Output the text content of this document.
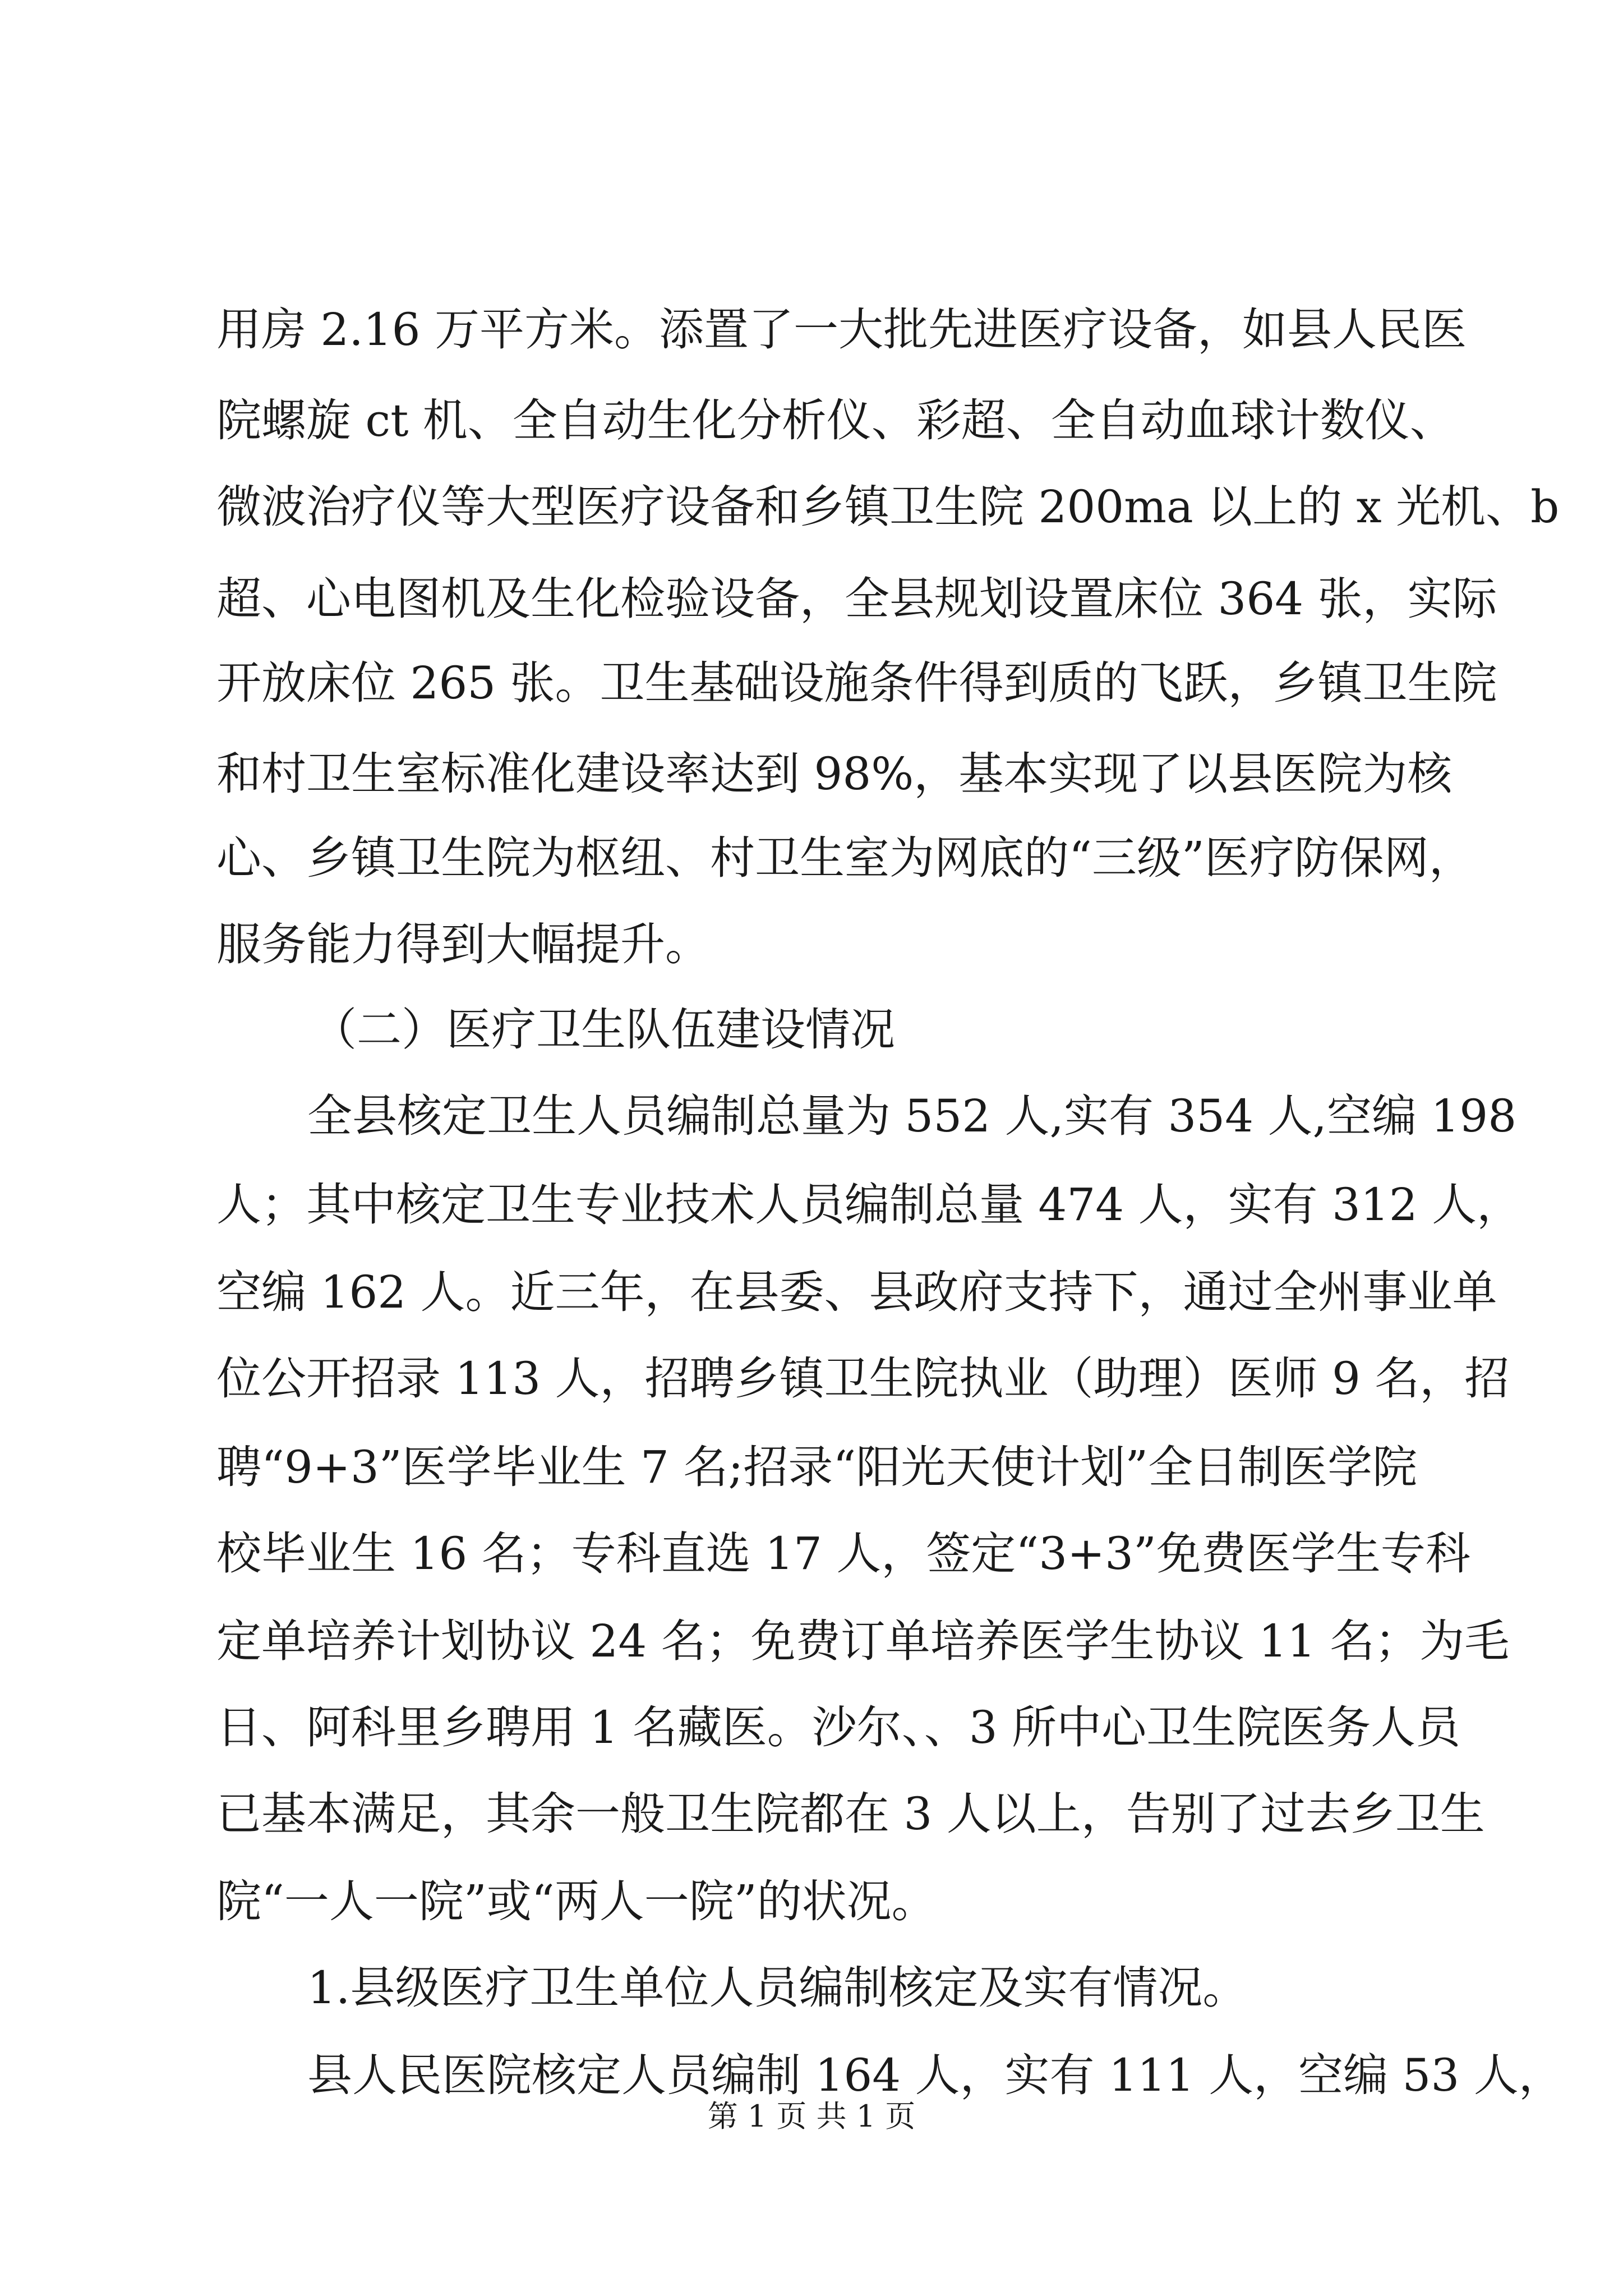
用房 2.16 万平方米。添置了一大批先进医疗设备，如县人民医
院螺旋 ct 机、全自动生化分析仪、彩超、全自动血球计数仪、
微波治疗仪等大型医疗设备和乡镇卫生院 200ma 以上的 x 光机、b
超、心电图机及生化检验设备，全县规划设置床位 364 张，实际
开放床位 265 张。卫生基础设施条件得到质的飞跃，乡镇卫生院
和村卫生室标准化建设率达到 98%，基本实现了以县医院为核
心、乡镇卫生院为枢纽、村卫生室为网底的“三级”医疗防保网，
服务能力得到大幅提升。
（二）医疗卫生队伍建设情况
全县核定卫生人员编制总量为 552 人,实有 354 人,空编 198
人；其中核定卫生专业技术人员编制总量 474 人，实有 312 人，
空编 162 人。近三年，在县委、县政府支持下，通过全州事业单
位公开招录 113 人，招聘乡镇卫生院执业（助理）医师 9 名，招
聘“9+3”医学毕业生 7 名;招录“阳光天使计划”全日制医学院
校毕业生 16 名；专科直选 17 人，签定“3+3”免费医学生专科
定单培养计划协议 24 名；免费订单培养医学生协议 11 名；为毛
日、阿科里乡聘用 1 名藏医。沙尔、、3 所中心卫生院医务人员
已基本满足，其余一般卫生院都在 3 人以上，告别了过去乡卫生
院“一人一院”或“两人一院”的状况。
1.县级医疗卫生单位人员编制核定及实有情况。
县人民医院核定人员编制 164 人，实有 111 人，空编 53 人，
第 1 页 共 1 页
